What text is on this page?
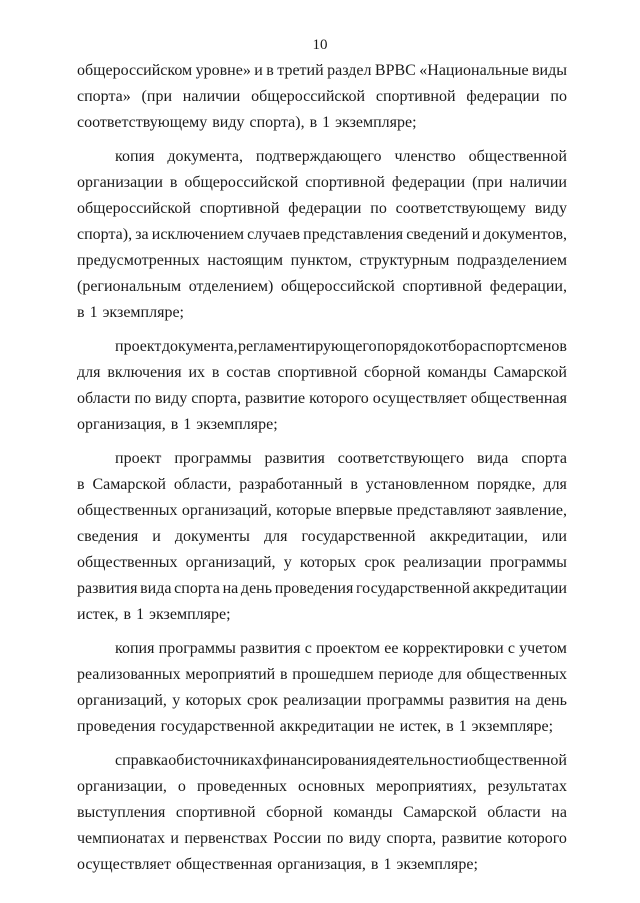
10
общероссийском уровне» и в третий раздел ВРВС «Национальные виды
спорта» (при наличии общероссийской спортивной федерации по
соответствующему виду спорта), в 1 экземпляре;
копия документа, подтверждающего членство общественной
организации в общероссийской спортивной федерации (при наличии
общероссийской спортивной федерации по соответствующему виду
спорта), за исключением случаев представления сведений и документов,
предусмотренных настоящим пунктом, структурным подразделением
(региональным отделением) общероссийской спортивной федерации,
в 1 экземпляре;
проект документа, регламентирующего порядок отбора спортсменов
для включения их в состав спортивной сборной команды Самарской
области по виду спорта, развитие которого осуществляет общественная
организация, в 1 экземпляре;
проект программы развития соответствующего вида спорта
в Самарской области, разработанный в установленном порядке, для
общественных организаций, которые впервые представляют заявление,
сведения и документы для государственной аккредитации, или
общественных организаций, у которых срок реализации программы
развития вида спорта на день проведения государственной аккредитации
истек, в 1 экземпляре;
копия программы развития с проектом ее корректировки с учетом
реализованных мероприятий в прошедшем периоде для общественных
организаций, у которых срок реализации программы развития на день
проведения государственной аккредитации не истек, в 1 экземпляре;
справка об источниках финансирования деятельности общественной
организации, о проведенных основных мероприятиях, результатах
выступления спортивной сборной команды Самарской области на
чемпионатах и первенствах России по виду спорта, развитие которого
осуществляет общественная организация, в 1 экземпляре;
